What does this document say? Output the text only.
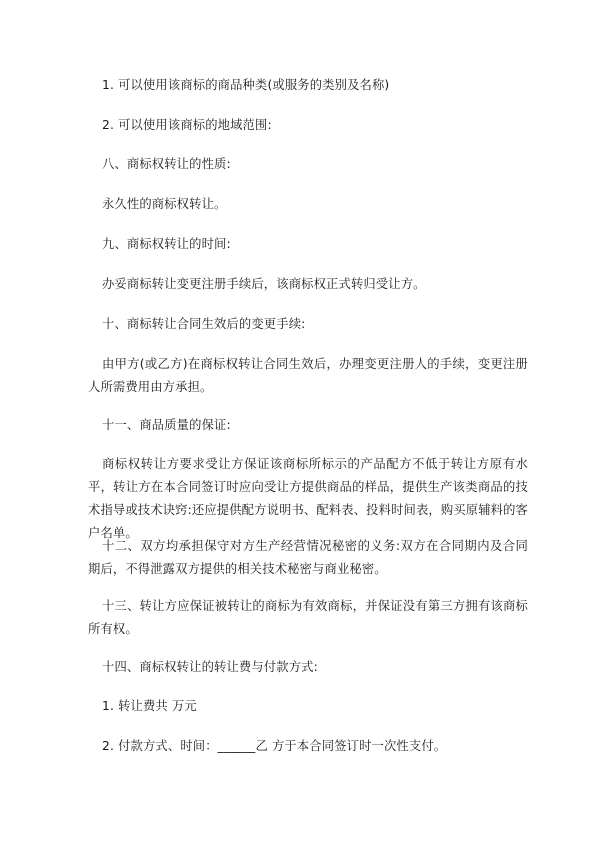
1. 可以使用该商标的商品种类(或服务的类别及名称)

2. 可以使用该商标的地域范围:

八、商标权转让的性质:

永久性的商标权转让。

九、商标权转让的时间:

办妥商标转让变更注册手续后，该商标权正式转归受让方。

十、商标转让合同生效后的变更手续:

由甲方(或乙方)在商标权转让合同生效后，办理变更注册人的手续，变更注册人所需费用由方承担。

十一、商品质量的保证:

商标权转让方要求受让方保证该商标所标示的产品配方不低于转让方原有水平，转让方在本合同签订时应向受让方提供商品的样品，提供生产该类商品的技术指导或技术诀窍:还应提供配方说明书、配料表、投料时间表，购买原辅料的客户名单。

十二、双方均承担保守对方生产经营情况秘密的义务:双方在合同期内及合同期后，不得泄露双方提供的相关技术秘密与商业秘密。

十三、转让方应保证被转让的商标为有效商标，并保证没有第三方拥有该商标所有权。

十四、商标权转让的转让费与付款方式:

1. 转让费共 万元

2. 付款方式、时间：______乙 方于本合同签订时一次性支付。
